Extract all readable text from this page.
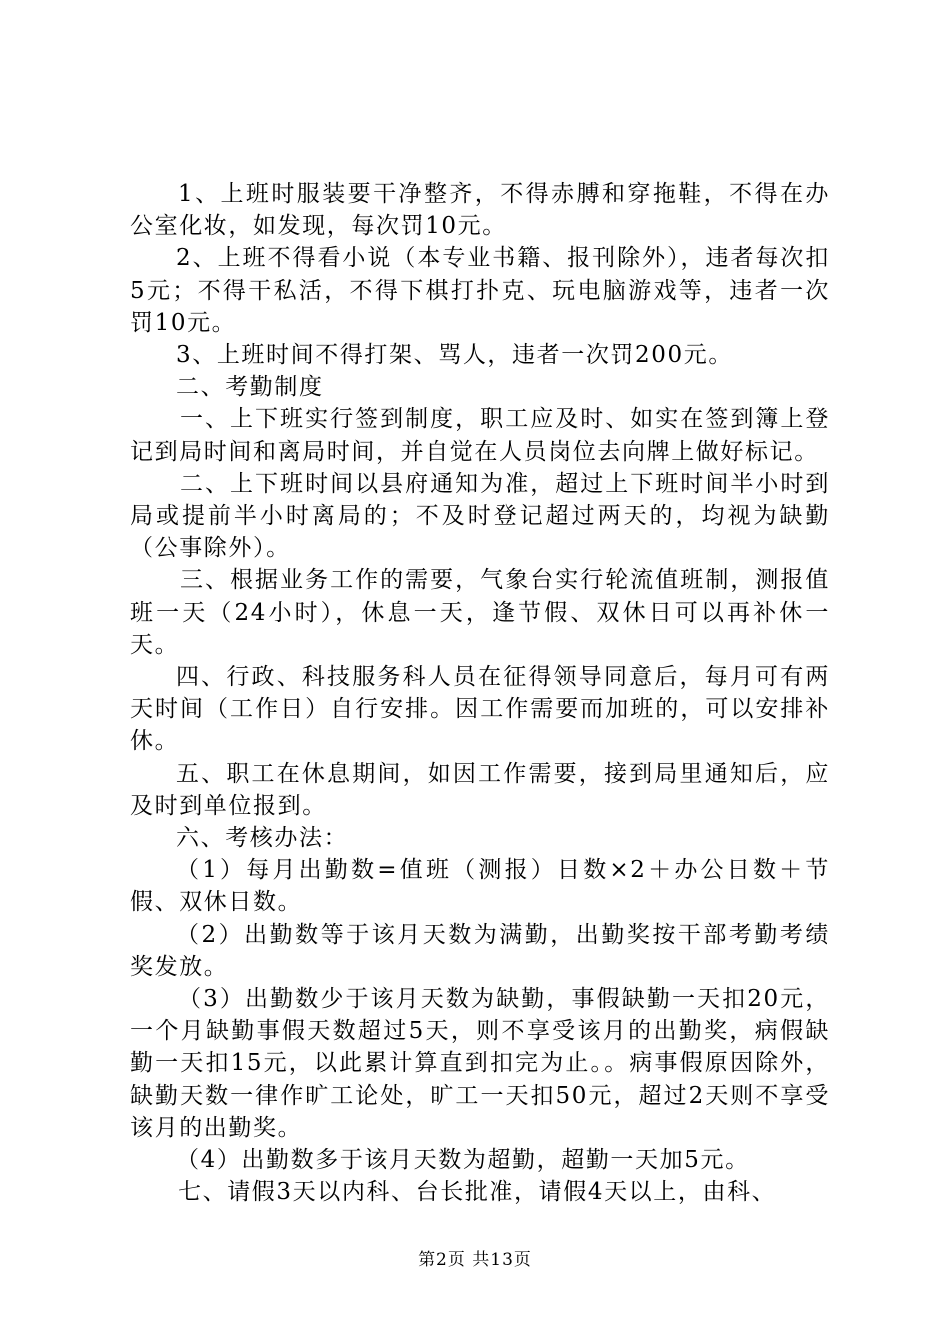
1、上班时服装要干净整齐，不得赤膊和穿拖鞋，不得在办公室化妆，如发现，每次罚10元。

2、上班不得看小说（本专业书籍、报刊除外），违者每次扣5元；不得干私活，不得下棋打扑克、玩电脑游戏等，违者一次罚10元。

3、上班时间不得打架、骂人，违者一次罚200元。

二、考勤制度

一、上下班实行签到制度，职工应及时、如实在签到簿上登记到局时间和离局时间，并自觉在人员岗位去向牌上做好标记。

二、上下班时间以县府通知为准，超过上下班时间半小时到局或提前半小时离局的；不及时登记超过两天的，均视为缺勤（公事除外）。

三、根据业务工作的需要，气象台实行轮流值班制，测报值班一天（24小时），休息一天，逢节假、双休日可以再补休一天。

四、行政、科技服务科人员在征得领导同意后，每月可有两天时间（工作日）自行安排。因工作需要而加班的，可以安排补休。

五、职工在休息期间，如因工作需要，接到局里通知后，应及时到单位报到。

六、考核办法：

（1）每月出勤数=值班（测报）日数×2＋办公日数＋节假、双休日数。

（2）出勤数等于该月天数为满勤，出勤奖按干部考勤考绩奖发放。

（3）出勤数少于该月天数为缺勤，事假缺勤一天扣20元，一个月缺勤事假天数超过5天，则不享受该月的出勤奖，病假缺勤一天扣15元，以此累计算直到扣完为止。。病事假原因除外，缺勤天数一律作旷工论处，旷工一天扣50元，超过2天则不享受该月的出勤奖。

（4）出勤数多于该月天数为超勤，超勤一天加5元。

七、请假3天以内科、台长批准，请假4天以上，由科、

第2页 共13页
